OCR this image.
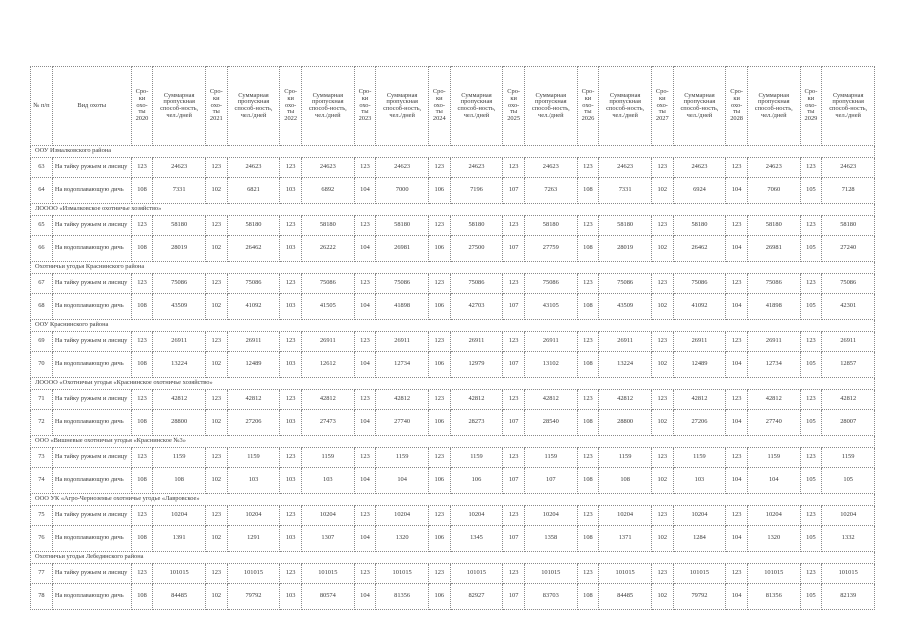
№ п/п	Вид охоты	Сро-ки охо-ты 2020	Суммарная пропускная способ-ность, чел./дней	Сро-ки охо-ты 2021	Суммарная пропускная способ-ность, чел./дней	Сро-ки охо-ты 2022	Суммарная пропускная способ-ность, чел./дней	Сро-ки охо-ты 2023	Суммарная пропускная способ-ность, чел./дней	Сро-ки охо-ты 2024	Суммарная пропускная способ-ность, чел./дней	Сро-ки охо-ты 2025	Суммарная пропускная способ-ность, чел./дней	Сро-ки охо-ты 2026	Суммарная пропускная способ-ность, чел./дней	Сро-ки охо-ты 2027	Суммарная пропускная способ-ность, чел./дней	Сро-ки охо-ты 2028	Суммарная пропускная способ-ность, чел./дней	Сро-ки охо-ты 2029	Суммарная пропускная способ-ность, чел./дней
ООУ Измалковского района																					
63	На тайку ружьем и лисицу	123	24623	123	24623	123	24623	123	24623	123	24623	123	24623	123	24623	123	24623	123	24623	123	24623
64	На водоплавающую дичь	108	7331	102	6821	103	6892	104	7000	106	7196	107	7263	108	7331	102	6924	104	7060	105	7128
ЛОООО «Измалковское охотничье хозяйство»																					
65	На тайку ружьем и лисицу	123	58180	123	58180	123	58180	123	58180	123	58180	123	58180	123	58180	123	58180	123	58180	123	58180
66	На водоплавающую дичь	108	28019	102	26462	103	26222	104	26981	106	27500	107	27759	108	28019	102	26462	104	26981	105	27240
Охотничьи угодья Краснинского района																					
67	На тайку ружьем и лисицу	123	75086	123	75086	123	75086	123	75086	123	75086	123	75086	123	75086	123	75086	123	75086	123	75086
68	На водоплавающую дичь	108	43509	102	41092	103	41505	104	41898	106	42703	107	43105	108	43509	102	41092	104	41898	105	42301
ООУ Краснинского района																					
69	На тайку ружьем и лисицу	123	26911	123	26911	123	26911	123	26911	123	26911	123	26911	123	26911	123	26911	123	26911	123	26911
70	На водоплавающую дичь	108	13224	102	12489	103	12612	104	12734	106	12979	107	13102	108	13224	102	12489	104	12734	105	12857
ЛОООО «Охотничьи угодья «Краснинское охотничье хозяйство»																					
71	На тайку ружьем и лисицу	123	42812	123	42812	123	42812	123	42812	123	42812	123	42812	123	42812	123	42812	123	42812	123	42812
72	На водоплавающую дичь	108	28800	102	27206	103	27473	104	27740	106	28273	107	28540	108	28800	102	27206	104	27740	105	28007
ООО «Вишневые охотничьи угодья «Краснинское №3»																					
73	На тайку ружьем и лисицу	123	1159	123	1159	123	1159	123	1159	123	1159	123	1159	123	1159	123	1159	123	1159	123	1159
74	На водоплавающую дичь	108	108	102	103	103	103	104	104	106	106	107	107	108	108	102	103	104	104	105	105
ООО УК «Агро-Черноземье охотничье угодье «Лавровское»																					
75	На тайку ружьем и лисицу	123	10204	123	10204	123	10204	123	10204	123	10204	123	10204	123	10204	123	10204	123	10204	123	10204
76	На водоплавающую дичь	108	1391	102	1291	103	1307	104	1320	106	1345	107	1358	108	1371	102	1284	104	1320	105	1332
Охотничьи угодья Лебедянского района																					
77	На тайку ружьем и лисицу	123	101015	123	101015	123	101015	123	101015	123	101015	123	101015	123	101015	123	101015	123	101015	123	101015
78	На водоплавающую дичь	108	84485	102	79792	103	80574	104	81356	106	82927	107	83703	108	84485	102	79792	104	81356	105	82139
